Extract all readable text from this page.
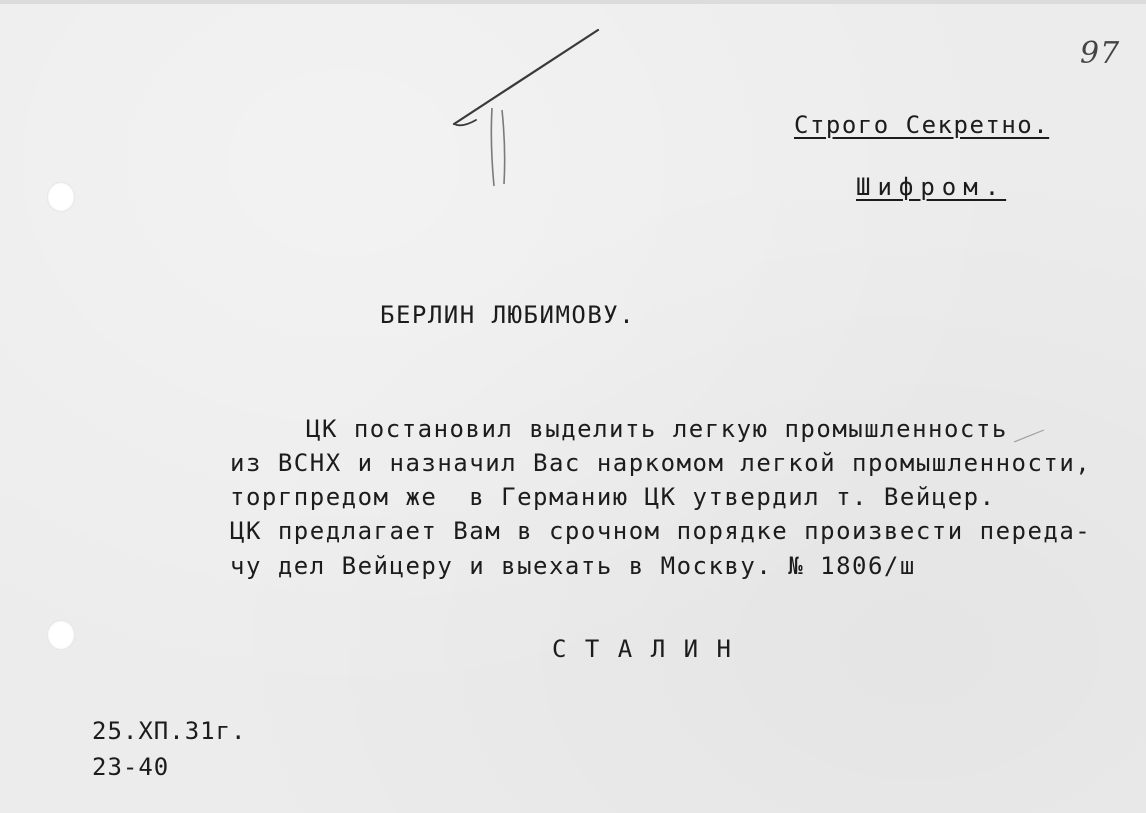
97
Строго Секретно.
Шифром.
БЕРЛИН ЛЮБИМОВУ.
ЦК постановил выделить легкую промышленность
из ВСНХ и назначил Вас наркомом легкой промышленности,
торгпредом же  в Германию ЦК утвердил т. Вейцер.
ЦК предлагает Вам в срочном порядке произвести переда-
чу дел Вейцеру и выехать в Москву. № 1806/ш
С Т А Л И Н
25.ХП.31г.
23-40
